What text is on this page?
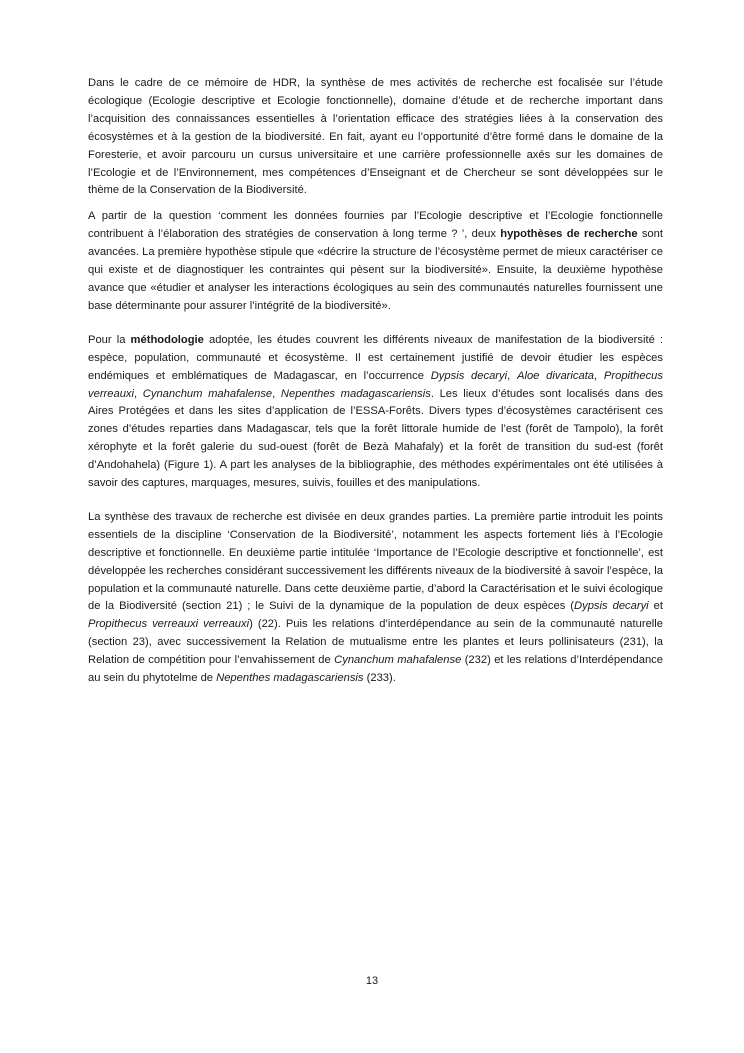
Dans le cadre de ce mémoire de HDR, la synthèse de mes activités de recherche est focalisée sur l’étude écologique (Ecologie descriptive et Ecologie fonctionnelle), domaine d’étude et de recherche important dans l’acquisition des connaissances essentielles à l’orientation efficace des stratégies liées à la conservation des écosystèmes et à la gestion de la biodiversité. En fait, ayant eu l’opportunité d’être formé dans le domaine de la Foresterie, et avoir parcouru un cursus universitaire et une carrière professionnelle axés sur les domaines de l’Ecologie et de l’Environnement, mes compétences d’Enseignant et de Chercheur se sont développées sur le thème de la Conservation de la Biodiversité.

A partir de la question ‘comment les données fournies par l’Ecologie descriptive et l’Ecologie fonctionnelle contribuent à l’élaboration des stratégies de conservation à long terme ? ’, deux hypothèses de recherche sont avancées. La première hypothèse stipule que «décrire la structure de l’écosystème permet de mieux caractériser ce qui existe et de diagnostiquer les contraintes qui pèsent sur la biodiversité». Ensuite, la deuxième hypothèse avance que «étudier et analyser les interactions écologiques au sein des communautés naturelles fournissent une base déterminante pour assurer l’intégrité de la biodiversité».

Pour la méthodologie adoptée, les études couvrent les différents niveaux de manifestation de la biodiversité : espèce, population, communauté et écosystème. Il est certainement justifié de devoir étudier les espèces endémiques et emblématiques de Madagascar, en l’occurrence Dypsis decaryi, Aloe divaricata, Propithecus verreauxi, Cynanchum mahafalense, Nepenthes madagascariensis. Les lieux d’études sont localisés dans des Aires Protégées et dans les sites d’application de l’ESSA-Forêts. Divers types d’écosystèmes caractérisent ces zones d’études reparties dans Madagascar, tels que la forêt littorale humide de l’est (forêt de Tampolo), la forêt xérophyte et la forêt galerie du sud-ouest (forêt de Bezà Mahafaly) et la forêt de transition du sud-est (forêt d’Andohahela) (Figure 1). A part les analyses de la bibliographie, des méthodes expérimentales ont été utilisées à savoir des captures, marquages, mesures, suivis, fouilles et des manipulations.

La synthèse des travaux de recherche est divisée en deux grandes parties. La première partie introduit les points essentiels de la discipline ‘Conservation de la Biodiversité’, notamment les aspects fortement liés à l’Ecologie descriptive et fonctionnelle. En deuxième partie intitulée ‘Importance de l’Ecologie descriptive et fonctionnelle’, est développée les recherches considérant successivement les différents niveaux de la biodiversité à savoir l’espèce, la population et la communauté naturelle. Dans cette deuxième partie, d’abord la Caractérisation et le suivi écologique de la Biodiversité (section 21) ; le Suivi de la dynamique de la population de deux espèces (Dypsis decaryi et Propithecus verreauxi verreauxi) (22). Puis les relations d’interdépendance au sein de la communauté naturelle (section 23), avec successivement la Relation de mutualisme entre les plantes et leurs pollinisateurs (231), la Relation de compétition pour l’envahissement de Cynanchum mahafalense (232) et les relations d’Interdépendance au sein du phytotelme de Nepenthes madagascariensis (233).

13
